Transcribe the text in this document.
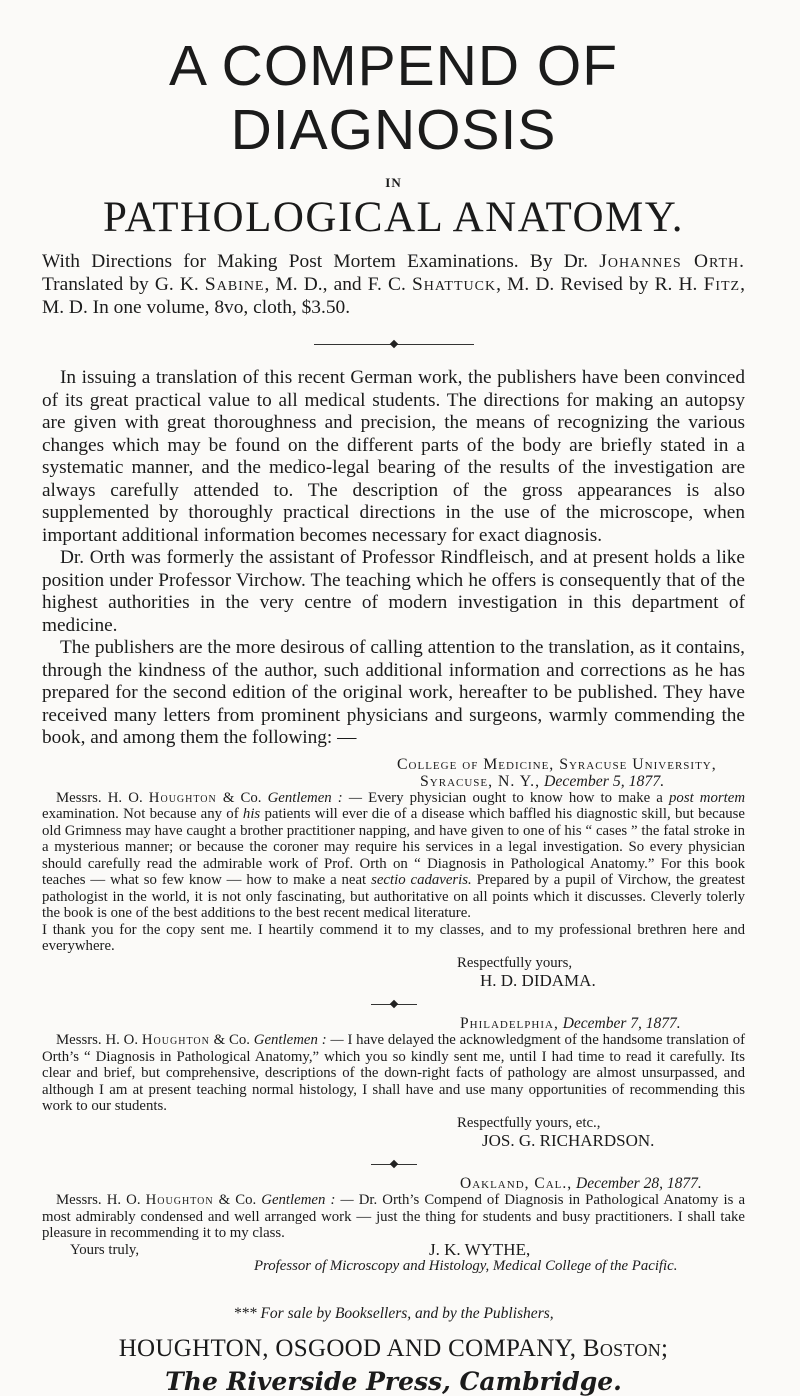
A COMPEND OF DIAGNOSIS
IN
PATHOLOGICAL ANATOMY.
With Directions for Making Post Mortem Examinations. By Dr. Johannes Orth. Translated by G. K. Sabine, M. D., and F. C. Shattuck, M. D. Revised by R. H. Fitz, M. D. In one volume, 8vo, cloth, $3.50.

In issuing a translation of this recent German work, the publishers have been convinced of its great practical value to all medical students. The directions for making an autopsy are given with great thoroughness and precision, the means of recognizing the various changes which may be found on the different parts of the body are briefly stated in a systematic manner, and the medico-legal bearing of the results of the investigation are always carefully attended to. The description of the gross appearances is also supplemented by thoroughly practical directions in the use of the microscope, when important additional information becomes necessary for exact diagnosis.

Dr. Orth was formerly the assistant of Professor Rindfleisch, and at present holds a like position under Professor Virchow. The teaching which he offers is consequently that of the highest authorities in the very centre of modern investigation in this department of medicine.

The publishers are the more desirous of calling attention to the translation, as it contains, through the kindness of the author, such additional information and corrections as he has prepared for the second edition of the original work, hereafter to be published. They have received many letters from prominent physicians and surgeons, warmly commending the book, and among them the following: —

College of Medicine, Syracuse University,
Syracuse, N. Y., December 5, 1877.

Messrs. H. O. Houghton & Co. Gentlemen : — Every physician ought to know how to make a post mortem examination. Not because any of his patients will ever die of a disease which baffled his diagnostic skill, but because old Grimness may have caught a brother practitioner napping, and have given to one of his “ cases ” the fatal stroke in a mysterious manner; or because the coroner may require his services in a legal investigation. So every physician should carefully read the admirable work of Prof. Orth on “ Diagnosis in Pathological Anatomy.” For this book teaches — what so few know — how to make a neat sectio cadaveris. Prepared by a pupil of Virchow, the greatest pathologist in the world, it is not only fascinating, but authoritative on all points which it discusses. Cleverly tolerly the book is one of the best additions to the best recent medical literature.

I thank you for the copy sent me. I heartily commend it to my classes, and to my professional brethren here and everywhere.

Respectfully yours,
H. D. DIDAMA.
Philadelphia, December 7, 1877.

Messrs. H. O. Houghton & Co. Gentlemen : — I have delayed the acknowledgment of the handsome translation of Orth’s “ Diagnosis in Pathological Anatomy,” which you so kindly sent me, until I had time to read it carefully. Its clear and brief, but comprehensive, descriptions of the down-right facts of pathology are almost unsurpassed, and although I am at present teaching normal histology, I shall have and use many opportunities of recommending this work to our students.

Respectfully yours, etc.,
JOS. G. RICHARDSON.
Oakland, Cal., December 28, 1877.

Messrs. H. O. Houghton & Co. Gentlemen : — Dr. Orth’s Compend of Diagnosis in Pathological Anatomy is a most admirably condensed and well arranged work — just the thing for students and busy practitioners. I shall take pleasure in recommending it to my class.

Yours truly,	J. K. WYTHE,
Professor of Microscopy and Histology, Medical College of the Pacific.
*** For sale by Booksellers, and by the Publishers,
HOUGHTON, OSGOOD AND COMPANY, Boston;
The Riverside Press, Cambridge.
